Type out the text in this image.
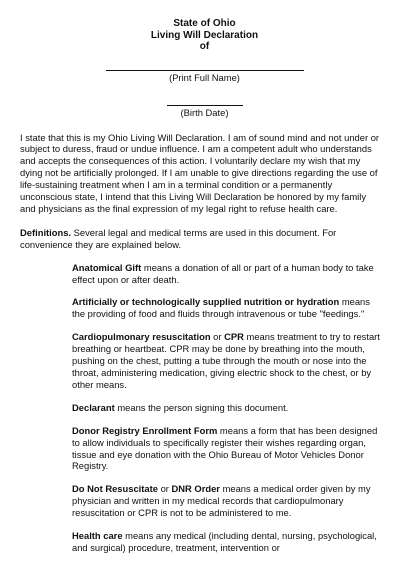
State of Ohio
Living Will Declaration
of
(Print Full Name)
(Birth Date)

I state that this is my Ohio Living Will Declaration. I am of sound mind and not under or subject to duress, fraud or undue influence. I am a competent adult who understands and accepts the consequences of this action. I voluntarily declare my wish that my dying not be artificially prolonged. If I am unable to give directions regarding the use of life-sustaining treatment when I am in a terminal condition or a permanently unconscious state, I intend that this Living Will Declaration be honored by my family and physicians as the final expression of my legal right to refuse health care.

Definitions. Several legal and medical terms are used in this document. For convenience they are explained below.

Anatomical Gift means a donation of all or part of a human body to take effect upon or after death.

Artificially or technologically supplied nutrition or hydration means the providing of food and fluids through intravenous or tube "feedings."

Cardiopulmonary resuscitation or CPR means treatment to try to restart breathing or heartbeat. CPR may be done by breathing into the mouth, pushing on the chest, putting a tube through the mouth or nose into the throat, administering medication, giving electric shock to the chest, or by other means.

Declarant means the person signing this document.

Donor Registry Enrollment Form means a form that has been designed to allow individuals to specifically register their wishes regarding organ, tissue and eye donation with the Ohio Bureau of Motor Vehicles Donor Registry.

Do Not Resuscitate or DNR Order means a medical order given by my physician and written in my medical records that cardiopulmonary resuscitation or CPR is not to be administered to me.

Health care means any medical (including dental, nursing, psychological, and surgical) procedure, treatment, intervention or
